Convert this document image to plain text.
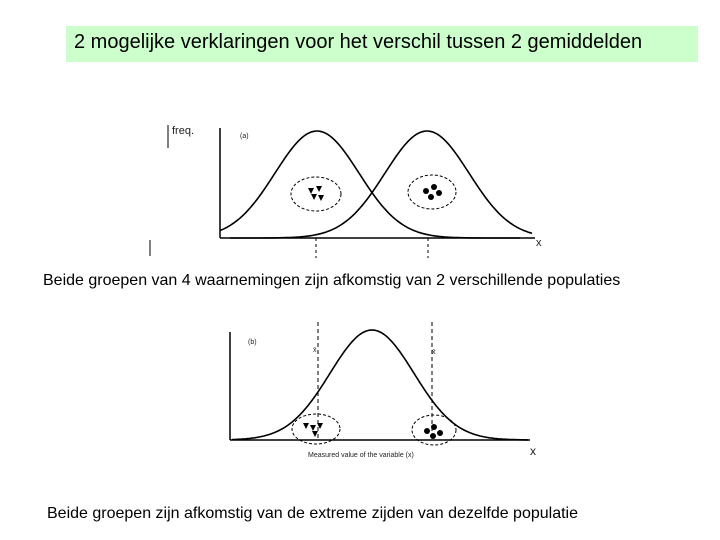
2 mogelijke verklaringen voor het verschil tussen 2 gemiddelden
freq.	(a)
x
(b)
x
x̄	x̄
Measured value of the variable (x)
Beide groepen van 4 waarnemingen zijn afkomstig van 2 verschillende populaties
Beide groepen zijn afkomstig van de extreme zijden van dezelfde populatie
